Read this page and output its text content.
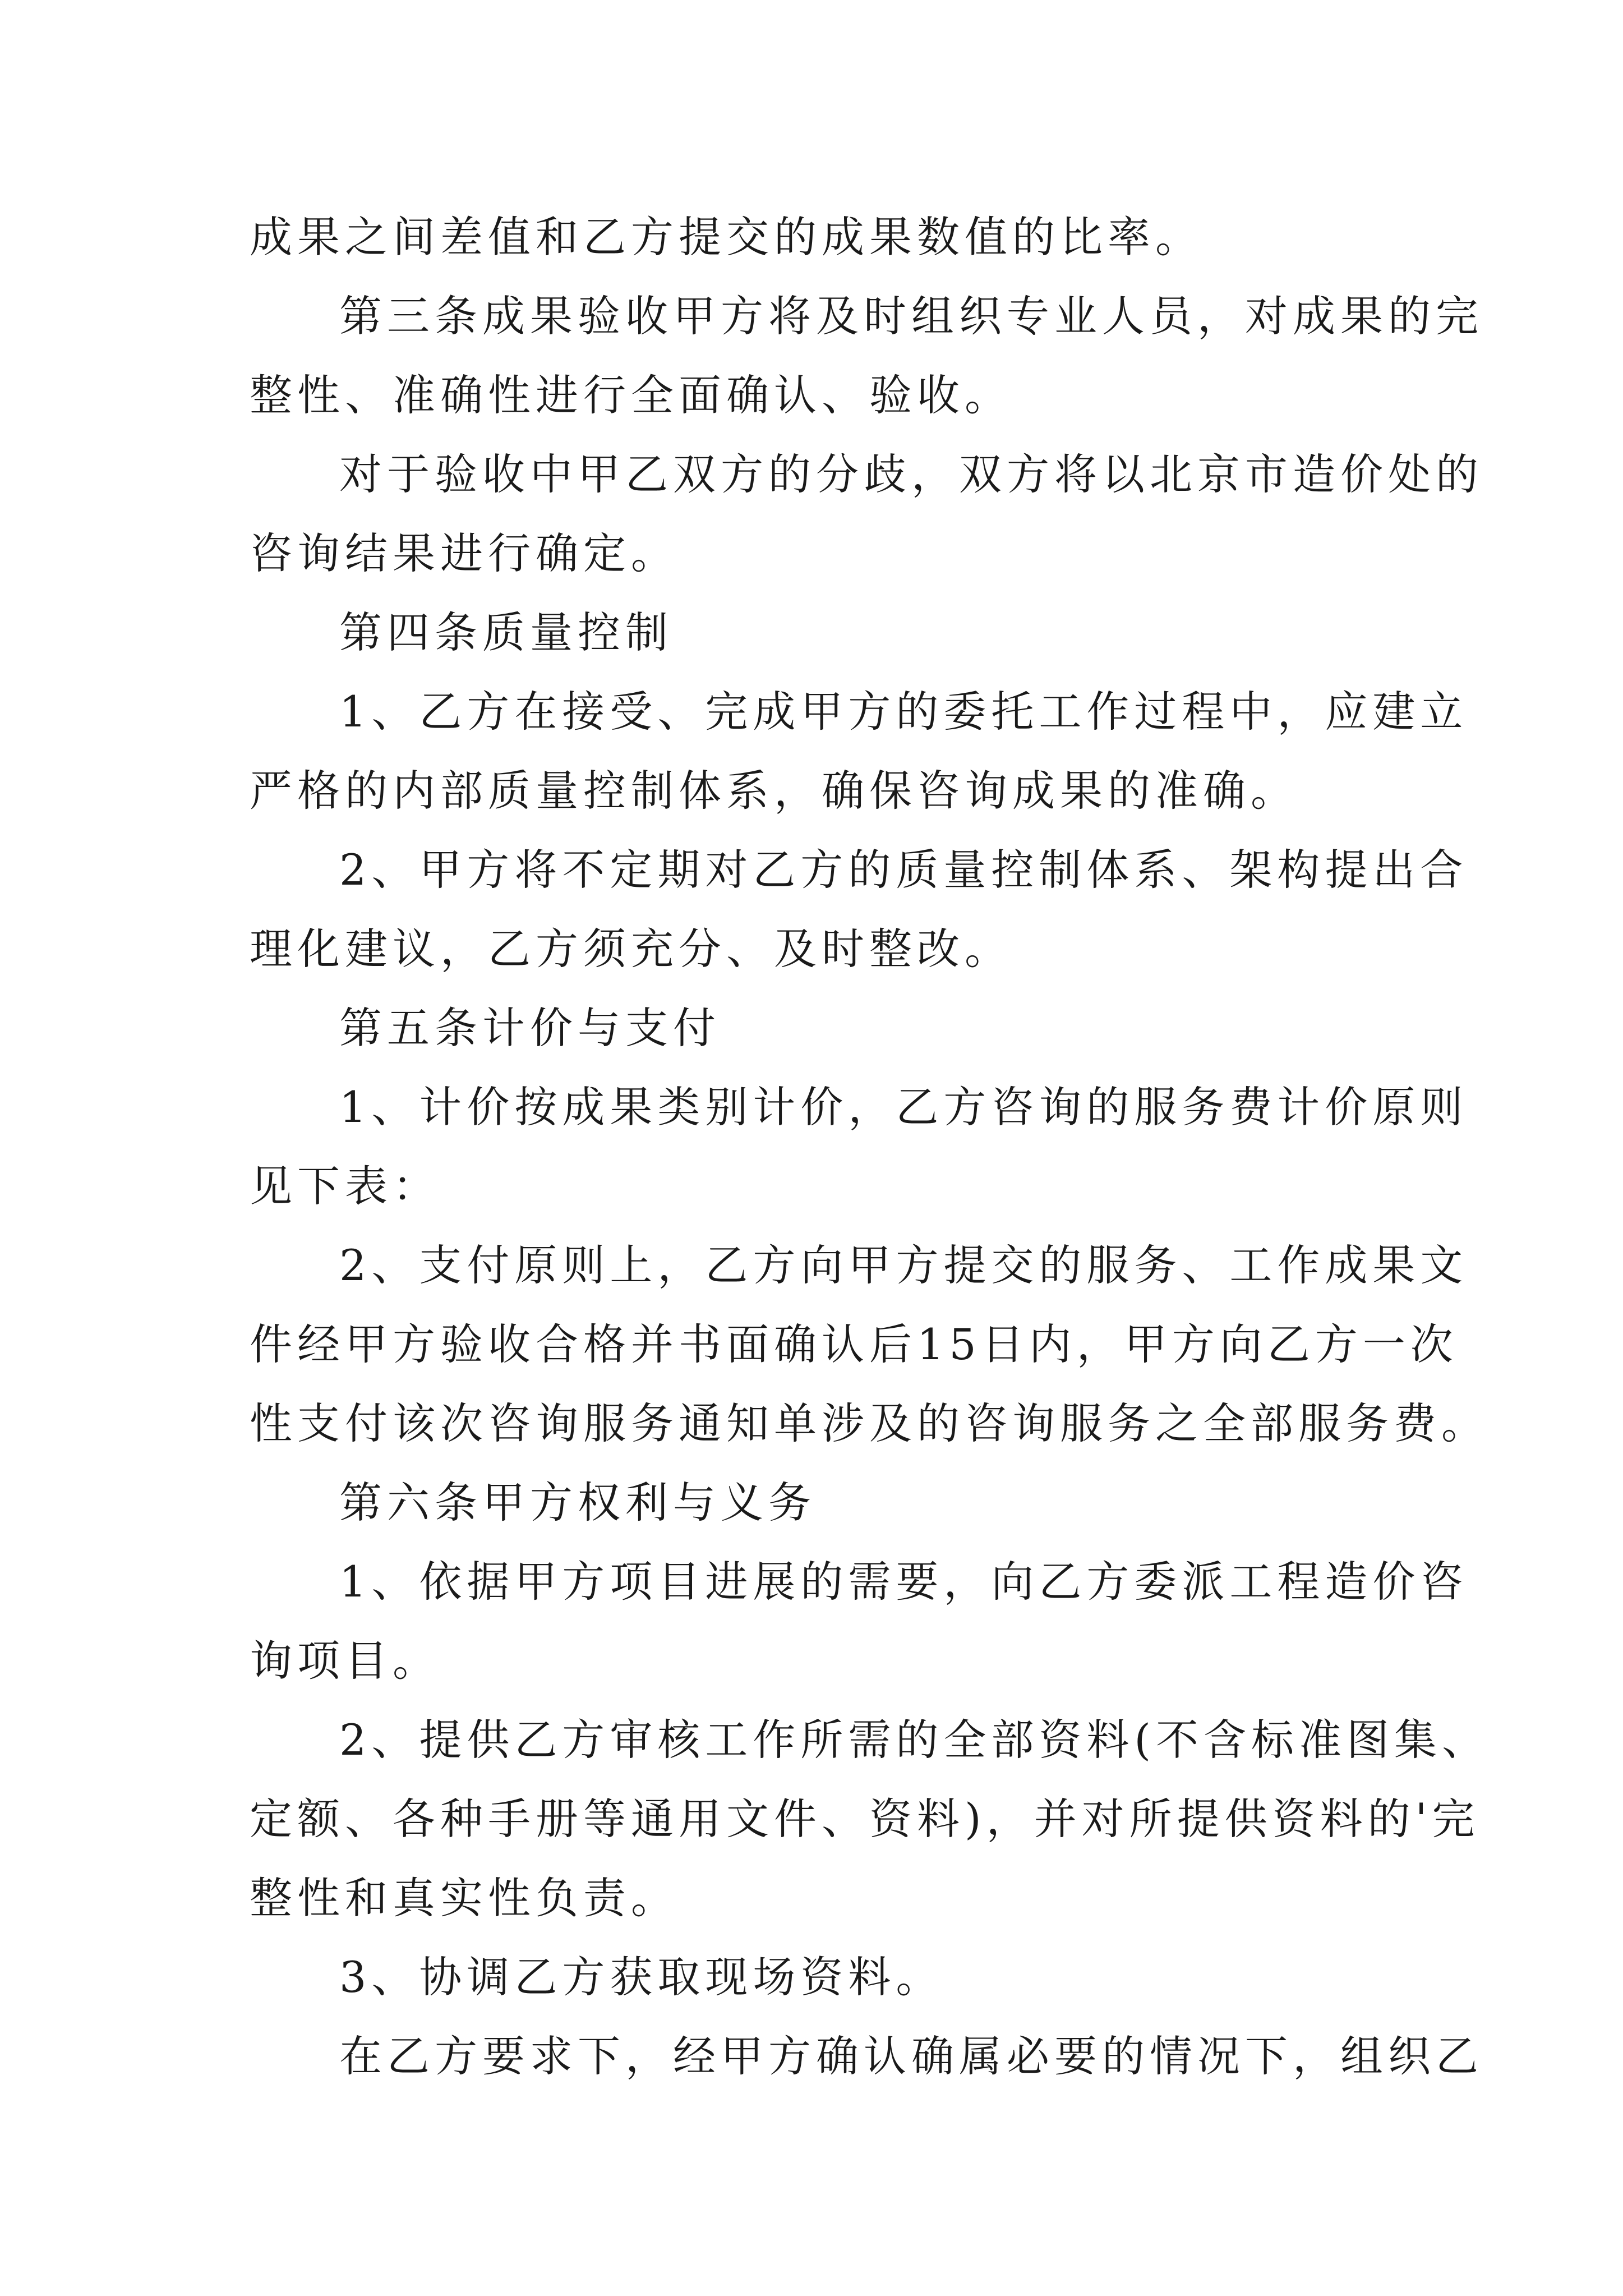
成果之间差值和乙方提交的成果数值的比率。
第三条成果验收甲方将及时组织专业人员，对成果的完
整性、准确性进行全面确认、验收。
对于验收中甲乙双方的分歧，双方将以北京市造价处的
咨询结果进行确定。
第四条质量控制
1、乙方在接受、完成甲方的委托工作过程中，应建立
严格的内部质量控制体系，确保咨询成果的准确。
2、甲方将不定期对乙方的质量控制体系、架构提出合
理化建议，乙方须充分、及时整改。
第五条计价与支付
1、计价按成果类别计价，乙方咨询的服务费计价原则
见下表：
2、支付原则上，乙方向甲方提交的服务、工作成果文
件经甲方验收合格并书面确认后15日内，甲方向乙方一次
性支付该次咨询服务通知单涉及的咨询服务之全部服务费。
第六条甲方权利与义务
1、依据甲方项目进展的需要，向乙方委派工程造价咨
询项目。
2、提供乙方审核工作所需的全部资料(不含标准图集、
定额、各种手册等通用文件、资料)，并对所提供资料的'完
整性和真实性负责。
3、协调乙方获取现场资料。
在乙方要求下，经甲方确认确属必要的情况下，组织乙
